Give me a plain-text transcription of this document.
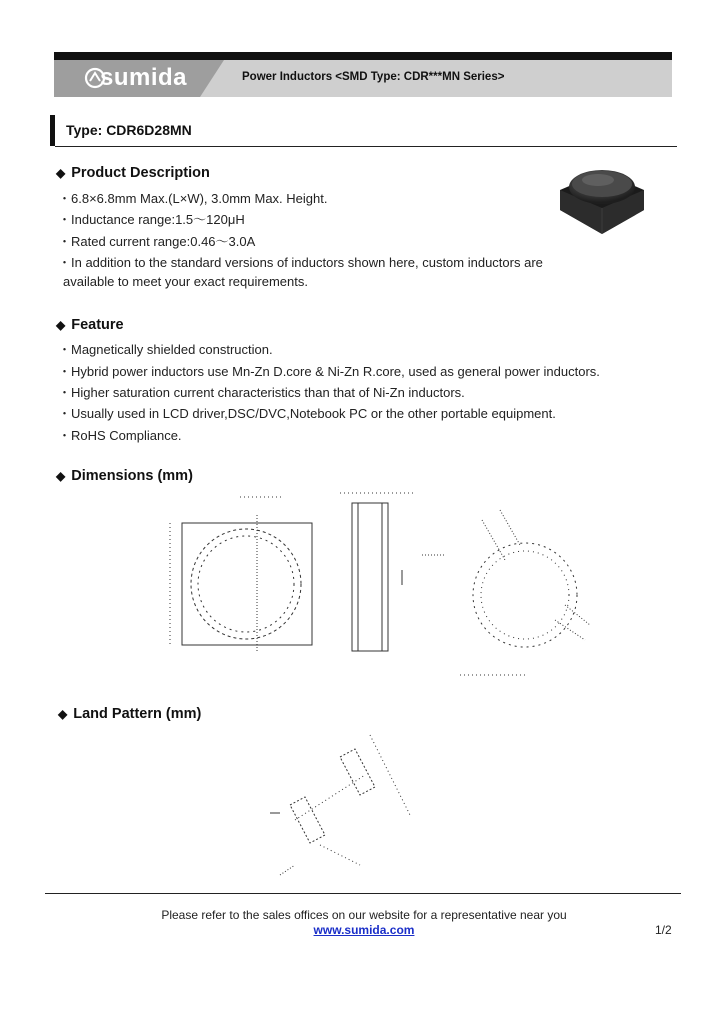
sumida	Power Inductors <SMD Type: CDR***MN Series>
Type: CDR6D28MN
◆ Product Description
・6.8×6.8mm Max.(L×W), 3.0mm Max. Height.
・Inductance range:1.5～120μH
・Rated current range:0.46～3.0A
・In addition to the standard versions of inductors shown here, custom inductors are
available to meet your exact requirements.
◆ Feature
・Magnetically shielded construction.
・Hybrid power inductors use Mn-Zn D.core & Ni-Zn R.core, used as general power inductors.
・Higher saturation current characteristics than that of Ni-Zn inductors.
・Usually used in LCD driver,DSC/DVC,Notebook PC or the other portable equipment.
・RoHS Compliance.
◆ Dimensions (mm)
◆ Land Pattern (mm)
Please refer to the sales offices on our website for a representative near you
www.sumida.com	1/2
